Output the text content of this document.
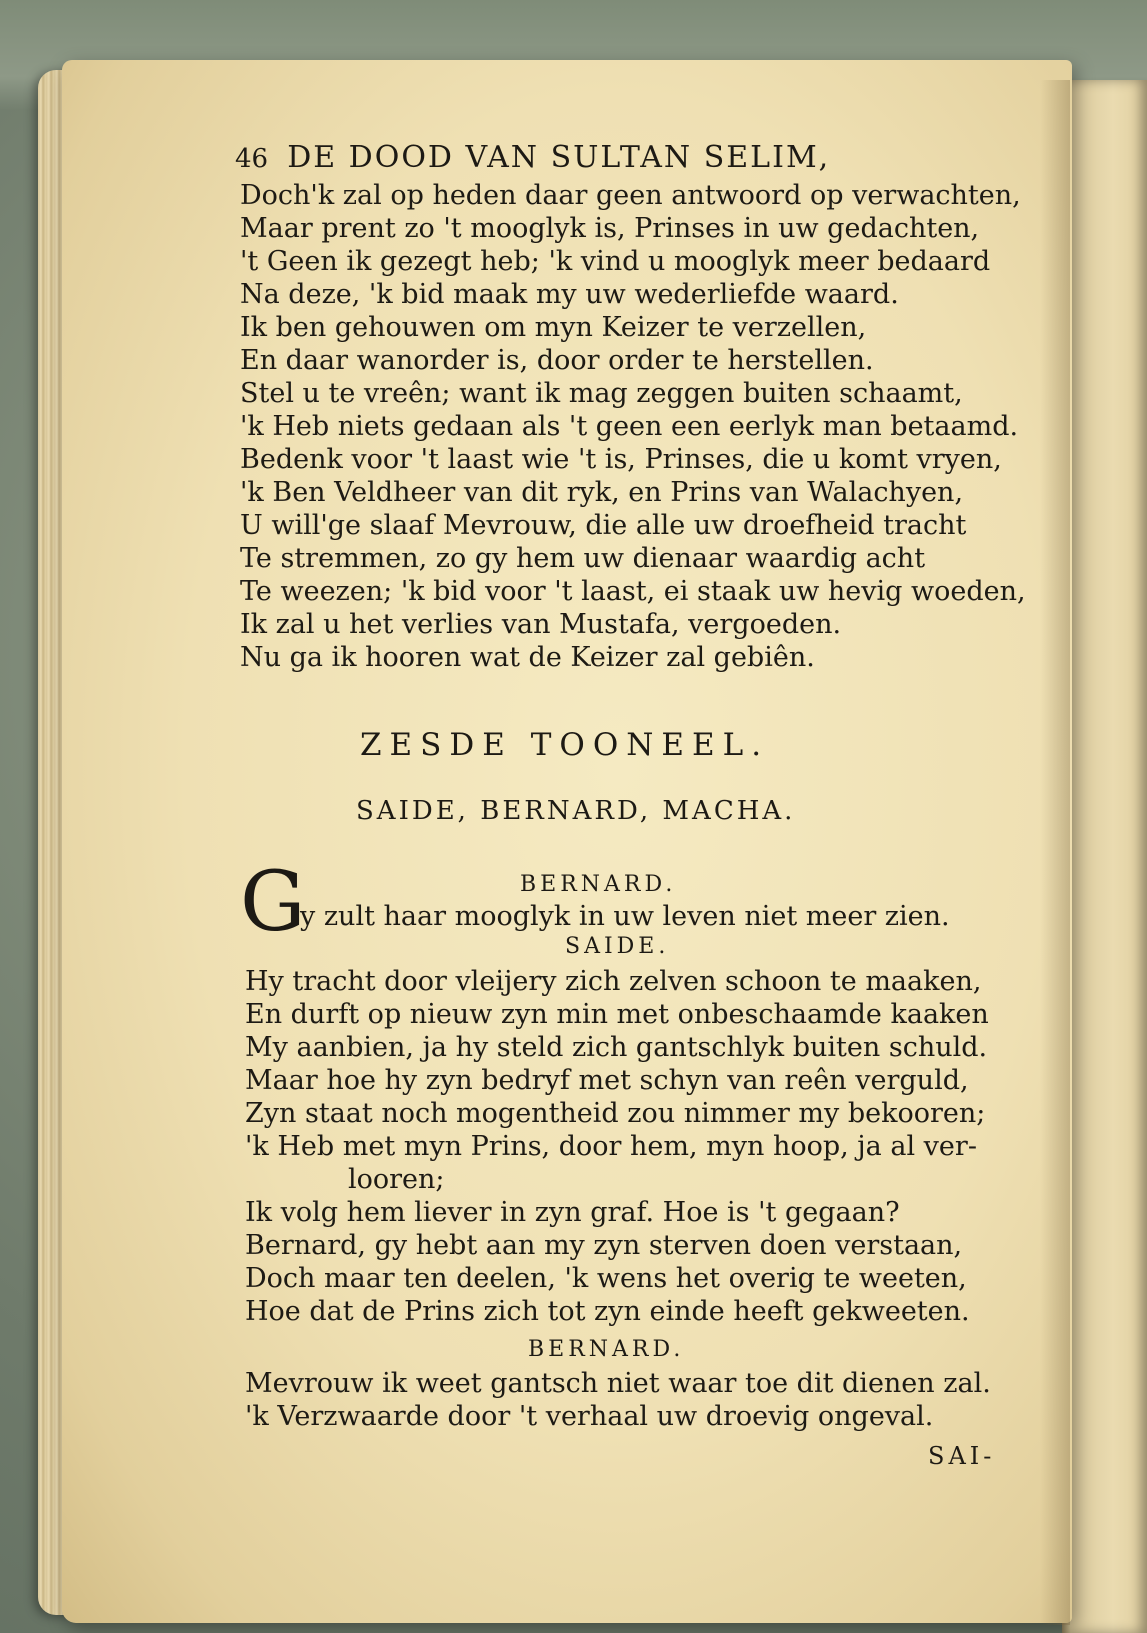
46 DE DOOD VAN SULTAN SELIM,
Doch'k zal op heden daar geen antwoord op verwachten,
Maar prent zo 't mooglyk is, Prinses in uw gedachten,
't Geen ik gezegt heb; 'k vind u mooglyk meer bedaard
Na deze, 'k bid maak my uw wederliefde waard.
Ik ben gehouwen om myn Keizer te verzellen,
En daar wanorder is, door order te herstellen.
Stel u te vreên; want ik mag zeggen buiten schaamt,
'k Heb niets gedaan als 't geen een eerlyk man betaamd.
Bedenk voor 't laast wie 't is, Prinses, die u komt vryen,
'k Ben Veldheer van dit ryk, en Prins van Walachyen,
U will'ge slaaf Mevrouw, die alle uw droefheid tracht
Te stremmen, zo gy hem uw dienaar waardig acht
Te weezen; 'k bid voor 't laast, ei staak uw hevig woeden,
Ik zal u het verlies van Mustafa, vergoeden.
Nu ga ik hooren wat de Keizer zal gebiên.
ZESDE TOONEEL.
SAIDE, BERNARD, MACHA.
BERNARD.
G
y zult haar mooglyk in uw leven niet meer zien.
SAIDE.
Hy tracht door vleijery zich zelven schoon te maaken,
En durft op nieuw zyn min met onbeschaamde kaaken
My aanbien, ja hy steld zich gantschlyk buiten schuld.
Maar hoe hy zyn bedryf met schyn van reên verguld,
Zyn staat noch mogentheid zou nimmer my bekooren;
'k Heb met myn Prins, door hem, myn hoop, ja al ver-
looren;
Ik volg hem liever in zyn graf. Hoe is 't gegaan?
Bernard, gy hebt aan my zyn sterven doen verstaan,
Doch maar ten deelen, 'k wens het overig te weeten,
Hoe dat de Prins zich tot zyn einde heeft gekweeten.
BERNARD.
Mevrouw ik weet gantsch niet waar toe dit dienen zal.
'k Verzwaarde door 't verhaal uw droevig ongeval.
SAI-
